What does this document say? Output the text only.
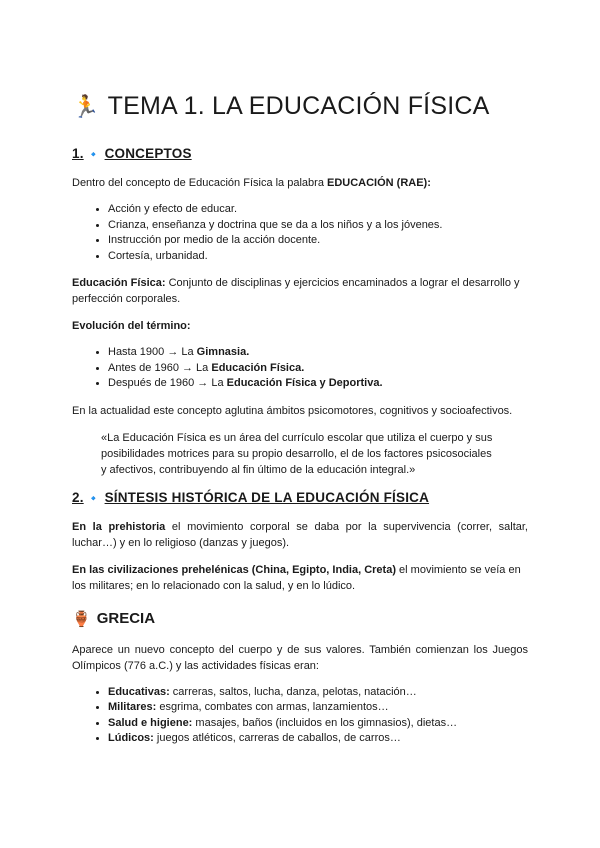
🏃 TEMA 1. LA EDUCACIÓN FÍSICA
1. 🔹 CONCEPTOS

Dentro del concepto de Educación Física la palabra EDUCACIÓN (RAE):

• Acción y efecto de educar.
• Crianza, enseñanza y doctrina que se da a los niños y a los jóvenes.
• Instrucción por medio de la acción docente.
• Cortesía, urbanidad.

Educación Física: Conjunto de disciplinas y ejercicios encaminados a lograr el desarrollo y perfección corporales.

Evolución del término:

• Hasta 1900 → La Gimnasia.
• Antes de 1960 → La Educación Física.
• Después de 1960 → La Educación Física y Deportiva.

En la actualidad este concepto aglutina ámbitos psicomotores, cognitivos y socioafectivos.

«La Educación Física es un área del currículo escolar que utiliza el cuerpo y sus
posibilidades motrices para su propio desarrollo, el de los factores psicosociales
y afectivos, contribuyendo al fin último de la educación integral.»
2. 🔹 SÍNTESIS HISTÓRICA DE LA EDUCACIÓN FÍSICA

En la prehistoria el movimiento corporal se daba por la supervivencia (correr, saltar, luchar…) y en lo religioso (danzas y juegos).

En las civilizaciones prehelénicas (China, Egipto, India, Creta) el movimiento se veía en los militares; en lo relacionado con la salud, y en lo lúdico.

🏺 GRECIA

Aparece un nuevo concepto del cuerpo y de sus valores. También comienzan los Juegos Olímpicos (776 a.C.) y las actividades físicas eran:

• Educativas: carreras, saltos, lucha, danza, pelotas, natación…
• Militares: esgrima, combates con armas, lanzamientos…
• Salud e higiene: masajes, baños (incluidos en los gimnasios), dietas…
• Lúdicos: juegos atléticos, carreras de caballos, de carros…
